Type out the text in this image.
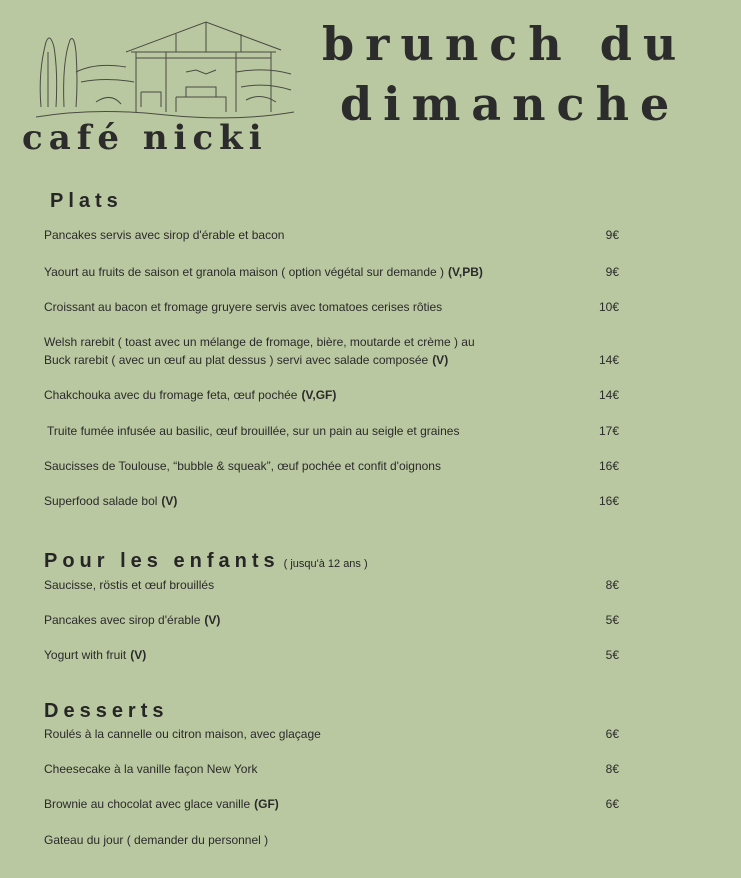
café nicki
brunch du
dimanche
Plats
Pancakes servis avec sirop d'érable et bacon	9€
Yaourt au fruits de saison et granola maison ( option végétal sur demande ) (V,PB)	9€
Croissant au bacon et fromage gruyere servis avec tomatoes cerises rôties	10€
Welsh rarebit ( toast avec un mélange de fromage, bière, moutarde et crème ) au Buck rarebit ( avec un œuf au plat dessus ) servi avec salade composée (V)	14€
Chakchouka avec du fromage feta, œuf pochée (V,GF)	14€
Truite fumée infusée au basilic, œuf brouillée, sur un pain au seigle et graines	17€
Saucisses de Toulouse, “bubble & squeak”, œuf pochée et confit d'oignons	16€
Superfood salade bol (V)	16€
Pour les enfants ( jusqu'à 12 ans )
Saucisse, röstis et œuf brouillés	8€
Pancakes avec sirop d'érable (V)	5€
Yogurt with fruit (V)	5€
Desserts
Roulés à la cannelle ou citron maison, avec glaçage	6€
Cheesecake à la vanille façon New York	8€
Brownie au chocolat avec glace vanille (GF)	6€
Gateau du jour ( demander du personnel )
